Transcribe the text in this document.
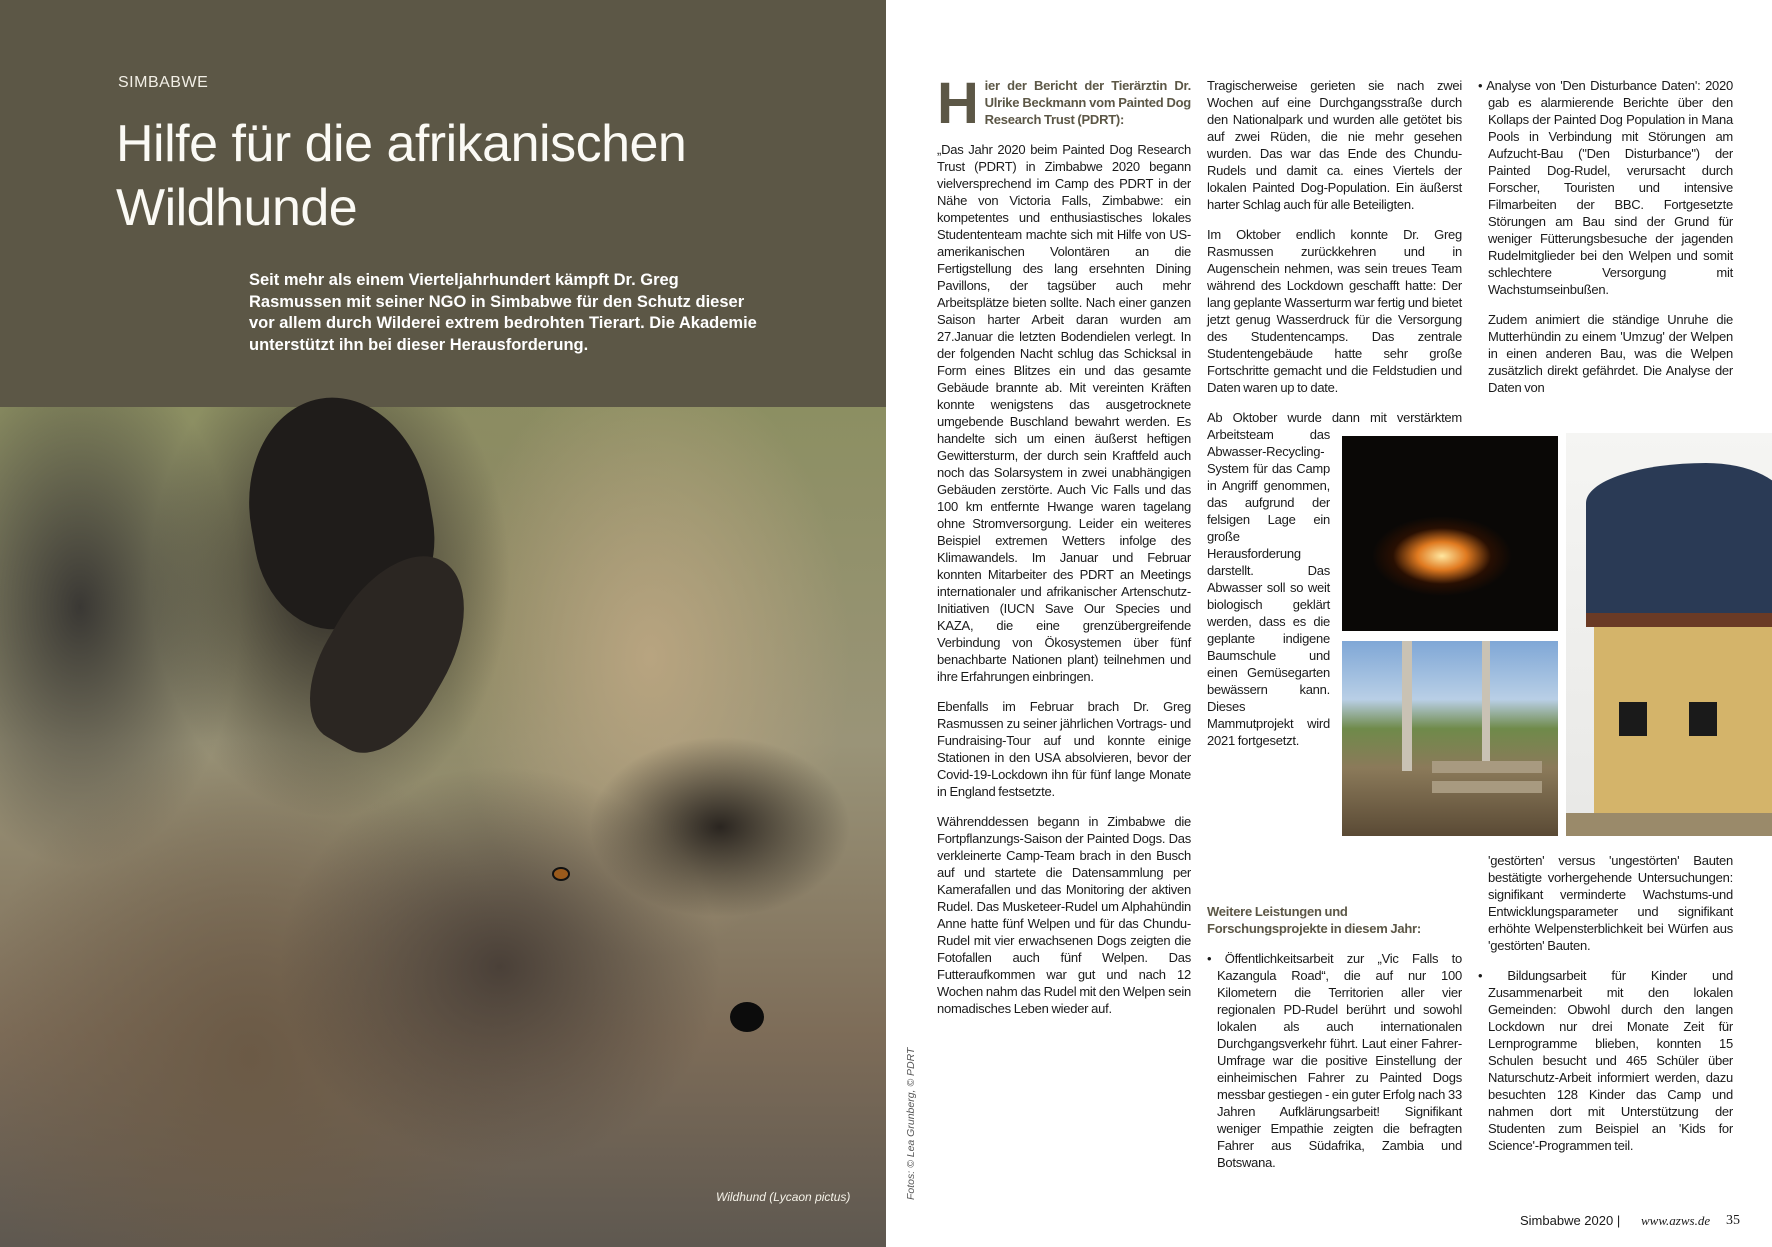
SIMBABWE
Hilfe für die afrikanischen
Wildhunde
Seit mehr als einem Vierteljahrhundert kämpft Dr. Greg Rasmussen mit seiner NGO in Simbabwe für den Schutz dieser vor allem durch Wilderei extrem bedrohten Tierart. Die Akademie unterstützt ihn bei dieser Herausforderung.
Wildhund (Lycaon pictus)	Fotos: © Lea Grunberg, © PDRT

Hier der Bericht der Tierärztin Dr. Ulrike Beckmann vom Painted Dog Research Trust (PDRT):

„Das Jahr 2020 beim Painted Dog Research Trust (PDRT) in Zimbabwe 2020 begann vielversprechend im Camp des PDRT in der Nähe von Victoria Falls, Zimbabwe: ein kompetentes und enthusiastisches lokales Studententeam machte sich mit Hilfe von US-amerikanischen Volontären an die Fertigstellung des lang ersehnten Dining Pavillons, der tagsüber auch mehr Arbeitsplätze bieten sollte. Nach einer ganzen Saison harter Arbeit daran wurden am 27.Januar die letzten Bodendielen verlegt. In der folgenden Nacht schlug das Schicksal in Form eines Blitzes ein und das gesamte Gebäude brannte ab. Mit vereinten Kräften konnte wenigstens das ausgetrocknete umgebende Buschland bewahrt werden. Es handelte sich um einen äußerst heftigen Gewittersturm, der durch sein Kraftfeld auch noch das Solarsystem in zwei unabhängigen Gebäuden zerstörte. Auch Vic Falls und das 100 km entfernte Hwange waren tagelang ohne Stromversorgung. Leider ein weiteres Beispiel extremen Wetters infolge des Klimawandels. Im Januar und Februar konnten Mitarbeiter des PDRT an Meetings internationaler und afrikanischer Artenschutz-Initiativen (IUCN Save Our Species und KAZA, die eine grenzübergreifende Verbindung von Ökosystemen über fünf benachbarte Nationen plant) teilnehmen und ihre Erfahrungen einbringen.

Ebenfalls im Februar brach Dr. Greg Rasmussen zu seiner jährlichen Vortrags- und Fundraising-Tour auf und konnte einige Stationen in den USA absolvieren, bevor der Covid-19-Lockdown ihn für fünf lange Monate in England festsetzte.

Währenddessen begann in Zimbabwe die Fortpflanzungs-Saison der Painted Dogs. Das verkleinerte Camp-Team brach in den Busch auf und startete die Datensammlung per Kamerafallen und das Monitoring der aktiven Rudel. Das Musketeer-Rudel um Alphahündin Anne hatte fünf Welpen und für das Chundu-Rudel mit vier erwachsenen Dogs zeigten die Fotofallen auch fünf Welpen. Das Futteraufkommen war gut und nach 12 Wochen nahm das Rudel mit den Welpen sein nomadisches Leben wieder auf.

Tragischerweise gerieten sie nach zwei Wochen auf eine Durchgangsstraße durch den Nationalpark und wurden alle getötet bis auf zwei Rüden, die nie mehr gesehen wurden. Das war das Ende des Chundu-Rudels und damit ca. eines Viertels der lokalen Painted Dog-Population. Ein äußerst harter Schlag auch für alle Beteiligten.

Im Oktober endlich konnte Dr. Greg Rasmussen zurückkehren und in Augenschein nehmen, was sein treues Team während des Lockdown geschafft hatte: Der lang geplante Wasserturm war fertig und bietet jetzt genug Wasserdruck für die Versorgung des Studentencamps. Das zentrale Studentengebäude hatte sehr große Fortschritte gemacht und die Feldstudien und Daten waren up to date.

Ab Oktober wurde dann mit verstärktem Arbeitsteam das Abwasser-Recycling-System für das Camp in Angriff genommen, das aufgrund der felsigen Lage ein große Herausforderung darstellt. Das Abwasser soll so weit biologisch geklärt werden, dass es die geplante indigene Baumschule und einen Gemüsegarten bewässern kann. Dieses Mammutprojekt wird 2021 fortgesetzt.

Weitere Leistungen und Forschungsprojekte in diesem Jahr:

• Öffentlichkeitsarbeit zur „Vic Falls to Kazangula Road“, die auf nur 100 Kilometern die Territorien aller vier regionalen PD-Rudel berührt und sowohl lokalen als auch internationalen Durchgangsverkehr führt. Laut einer Fahrer-Umfrage war die positive Einstellung der einheimischen Fahrer zu Painted Dogs messbar gestiegen - ein guter Erfolg nach 33 Jahren Aufklärungsarbeit! Signifikant weniger Empathie zeigten die befragten Fahrer aus Südafrika, Zambia und Botswana.

• Analyse von 'Den Disturbance Daten': 2020 gab es alarmierende Berichte über den Kollaps der Painted Dog Population in Mana Pools in Verbindung mit Störungen am Aufzucht-Bau ("Den Disturbance") der Painted Dog-Rudel, verursacht durch Forscher, Touristen und intensive Filmarbeiten der BBC. Fortgesetzte Störungen am Bau sind der Grund für weniger Fütterungsbesuche der jagenden Rudelmitglieder bei den Welpen und somit schlechtere Versorgung mit Wachstumseinbußen.

Zudem animiert die ständige Unruhe die Mutterhündin zu einem 'Umzug' der Welpen in einen anderen Bau, was die Welpen zusätzlich direkt gefährdet. Die Analyse der Daten von

'gestörten' versus 'ungestörten' Bauten bestätigte vorhergehende Untersuchungen: signifikant verminderte Wachstums-und Entwicklungsparameter und signifikant erhöhte Welpensterblichkeit bei Würfen aus 'gestörten' Bauten.

• Bildungsarbeit für Kinder und Zusammenarbeit mit den lokalen Gemeinden: Obwohl durch den langen Lockdown nur drei Monate Zeit für Lernprogramme blieben, konnten 15 Schulen besucht und 465 Schüler über Naturschutz-Arbeit informiert werden, dazu besuchten 128 Kinder das Camp und nahmen dort mit Unterstützung der Studenten zum Beispiel an 'Kids for Science'-Programmen teil.

Simbabwe 2020 | www.azws.de 35
